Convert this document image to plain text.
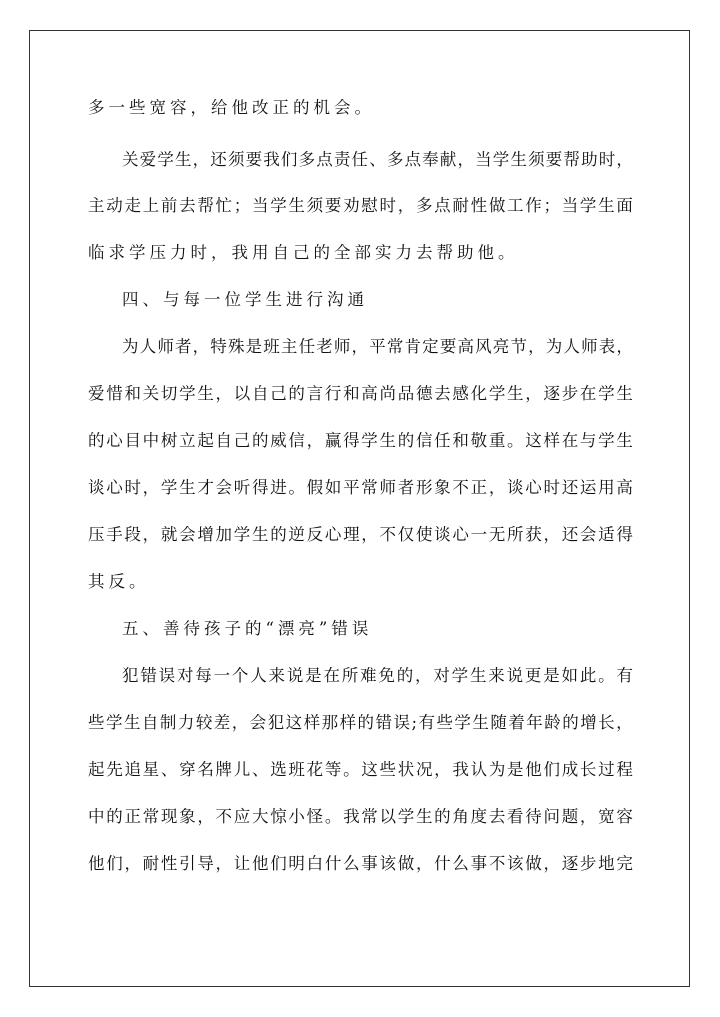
多一些宽容，给他改正的机会。
关 爱 学 生 ， 还 须 要 我 们 多 点 责 任 、 多 点 奉 献 ， 当 学 生 须 要 帮 助 时 ，
主 动 走 上 前 去 帮 忙 ； 当 学 生 须 要 劝 慰 时 ， 多 点 耐 性 做 工 作 ； 当 学 生 面
临求学压力时，我用自己的全部实力去帮助他。
四、与每一位学生进行沟通
为 人 师 者 ， 特 殊 是 班 主 任 老 师 ， 平 常 肯 定 要 高 风 亮 节 ， 为 人 师 表 ，
爱 惜 和 关 切 学 生 ， 以 自 己 的 言 行 和 高 尚 品 德 去 感 化 学 生 ， 逐 步 在 学 生
的 心 目 中 树 立 起 自 己 的 威 信 ， 赢 得 学 生 的 信 任 和 敬 重 。 这 样 在 与 学 生
谈 心 时 ， 学 生 才 会 听 得 进 。 假 如 平 常 师 者 形 象 不 正 ， 谈 心 时 还 运 用 高
压 手 段 ， 就 会 增 加 学 生 的 逆 反 心 理 ， 不 仅 使 谈 心 一 无 所 获 ， 还 会 适 得
其反。
五、善待孩子的“漂亮”错误
犯 错 误 对 每 一 个 人 来 说 是 在 所 难 免 的 ， 对 学 生 来 说 更 是 如 此 。 有
些 学 生 自 制 力 较 差 ， 会 犯 这 样 那 样 的 错 误 ; 有 些 学 生 随 着 年 龄 的 增 长 ，
起 先 追 星 、 穿 名 牌 儿 、 选 班 花 等 。 这 些 状 况 ， 我 认 为 是 他 们 成 长 过 程
中 的 正 常 现 象 ， 不 应 大 惊 小 怪 。 我 常 以 学 生 的 角 度 去 看 待 问 题 ， 宽 容
他 们 ， 耐 性 引 导 ， 让 他 们 明 白 什 么 事 该 做 ， 什 么 事 不 该 做 ， 逐 步 地 完
